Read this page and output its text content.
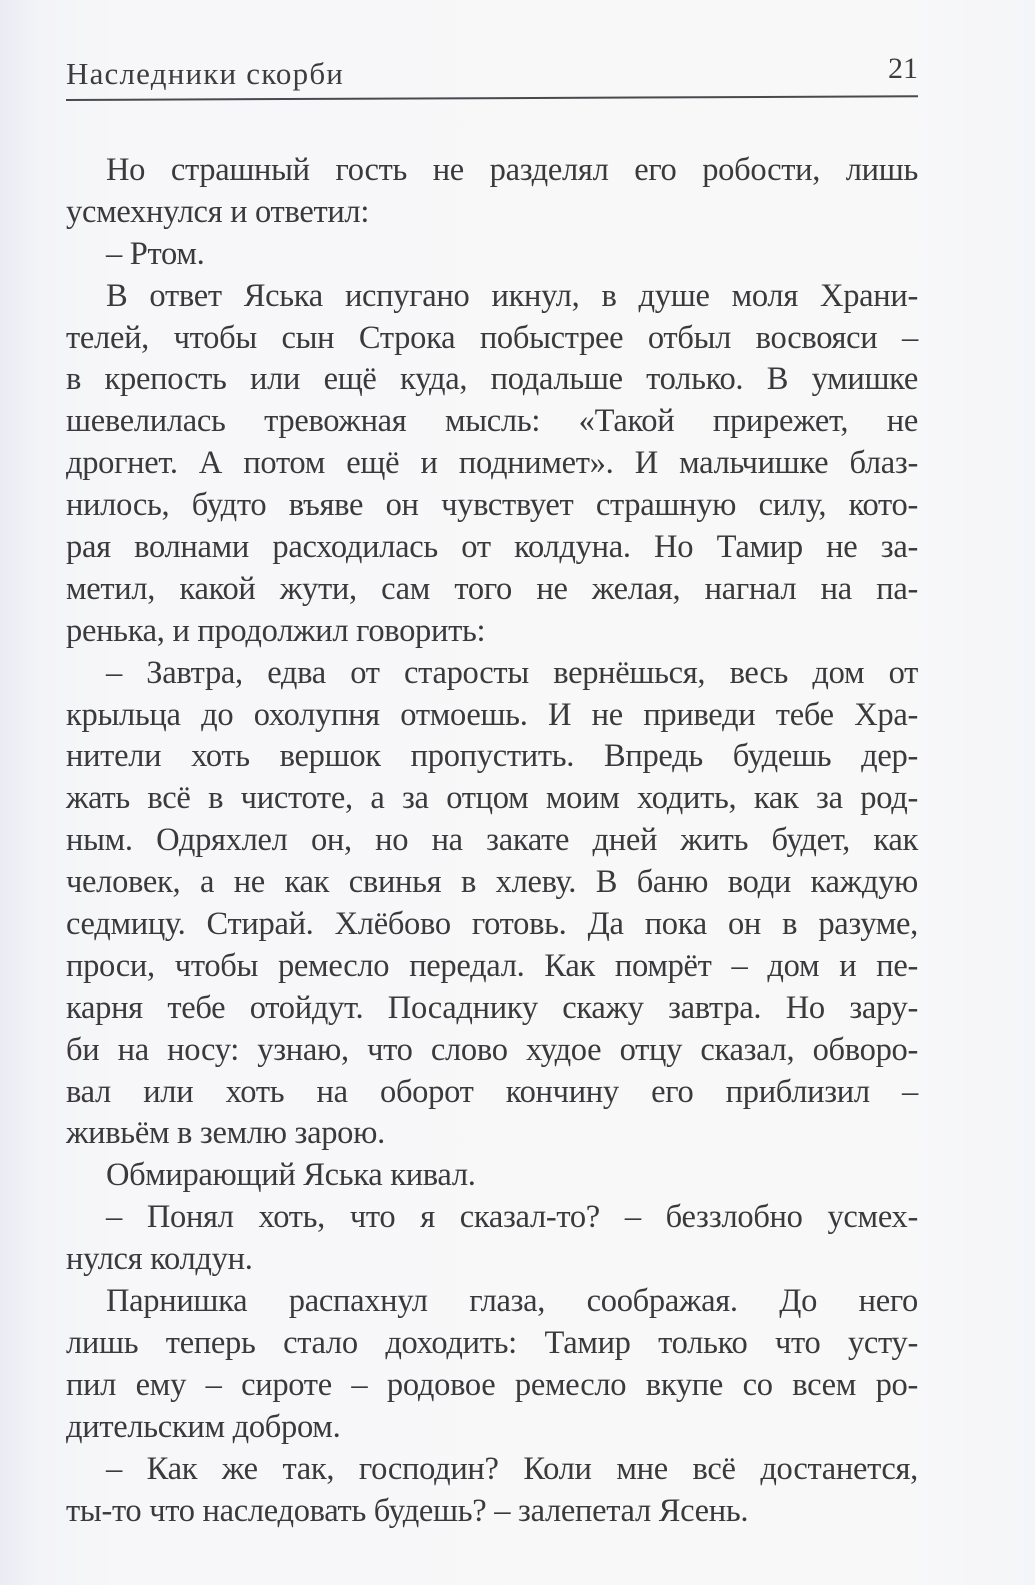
Наследники скорби	21
Но страшный гость не разделял его робости, лишь
усмехнулся и ответил:
– Ртом.
В ответ Яська испугано икнул, в душе моля Храни-
телей, чтобы сын Строка побыстрее отбыл восвояси –
в крепость или ещё куда, подальше только. В умишке
шевелилась тревожная мысль: «Такой прирежет, не
дрогнет. А потом ещё и поднимет». И мальчишке блаз-
нилось, будто въяве он чувствует страшную силу, кото-
рая волнами расходилась от колдуна. Но Тамир не за-
метил, какой жути, сам того не желая, нагнал на па-
ренька, и продолжил говорить:
– Завтра, едва от старосты вернёшься, весь дом от
крыльца до охолупня отмоешь. И не приведи тебе Хра-
нители хоть вершок пропустить. Впредь будешь дер-
жать всё в чистоте, а за отцом моим ходить, как за род-
ным. Одряхлел он, но на закате дней жить будет, как
человек, а не как свинья в хлеву. В баню води каждую
седмицу. Стирай. Хлёбово готовь. Да пока он в разуме,
проси, чтобы ремесло передал. Как помрёт – дом и пе-
карня тебе отойдут. Посаднику скажу завтра. Но зару-
би на носу: узнаю, что слово худое отцу сказал, обворо-
вал или хоть на оборот кончину его приблизил –
живьём в землю зарою.
Обмирающий Яська кивал.
– Понял хоть, что я сказал-то? – беззлобно усмех-
нулся колдун.
Парнишка распахнул глаза, соображая. До него
лишь теперь стало доходить: Тамир только что усту-
пил ему – сироте – родовое ремесло вкупе со всем ро-
дительским добром.
– Как же так, господин? Коли мне всё достанется,
ты-то что наследовать будешь? – залепетал Ясень.
